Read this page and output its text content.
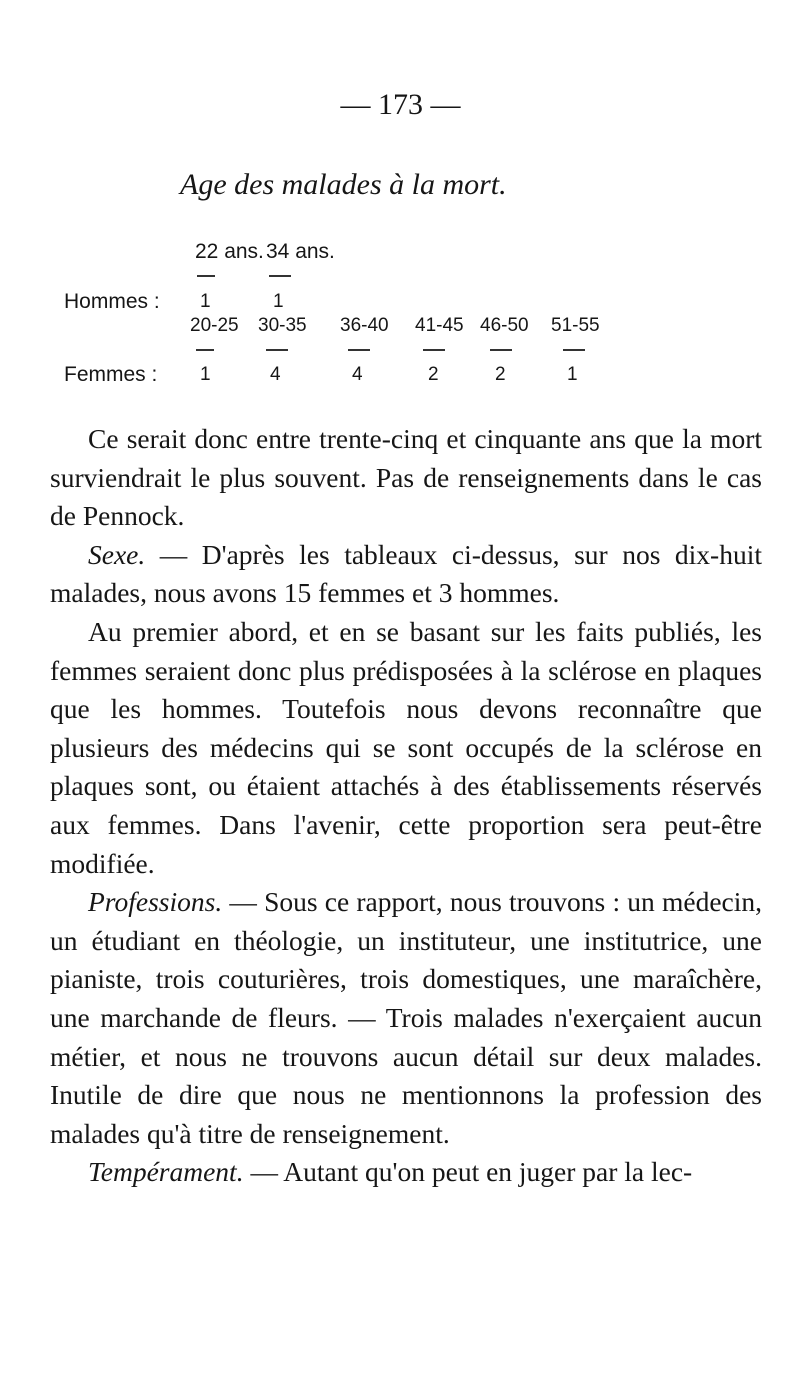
— 173 —
Age des malades à la mort.
22 ans. 34 ans.
Hommes : 1	1
20-25 30-35 36-40 41-45 46-50 51-55
Femmes : 1	4	4	2	2	1

Ce serait donc entre trente-cinq et cinquante ans que la mort surviendrait le plus souvent. Pas de renseignements dans le cas de Pennock.

Sexe. — D'après les tableaux ci-dessus, sur nos dix-huit malades, nous avons 15 femmes et 3 hommes.

Au premier abord, et en se basant sur les faits publiés, les femmes seraient donc plus prédisposées à la sclérose en plaques que les hommes. Toutefois nous devons reconnaître que plusieurs des médecins qui se sont occupés de la sclérose en plaques sont, ou étaient attachés à des établissements réservés aux femmes. Dans l'avenir, cette proportion sera peut-être modifiée.

Professions. — Sous ce rapport, nous trouvons : un médecin, un étudiant en théologie, un instituteur, une institutrice, une pianiste, trois couturières, trois domestiques, une maraîchère, une marchande de fleurs. — Trois malades n'exerçaient aucun métier, et nous ne trouvons aucun détail sur deux malades. Inutile de dire que nous ne mentionnons la profession des malades qu'à titre de renseignement.

Tempérament. — Autant qu'on peut en juger par la lec-
